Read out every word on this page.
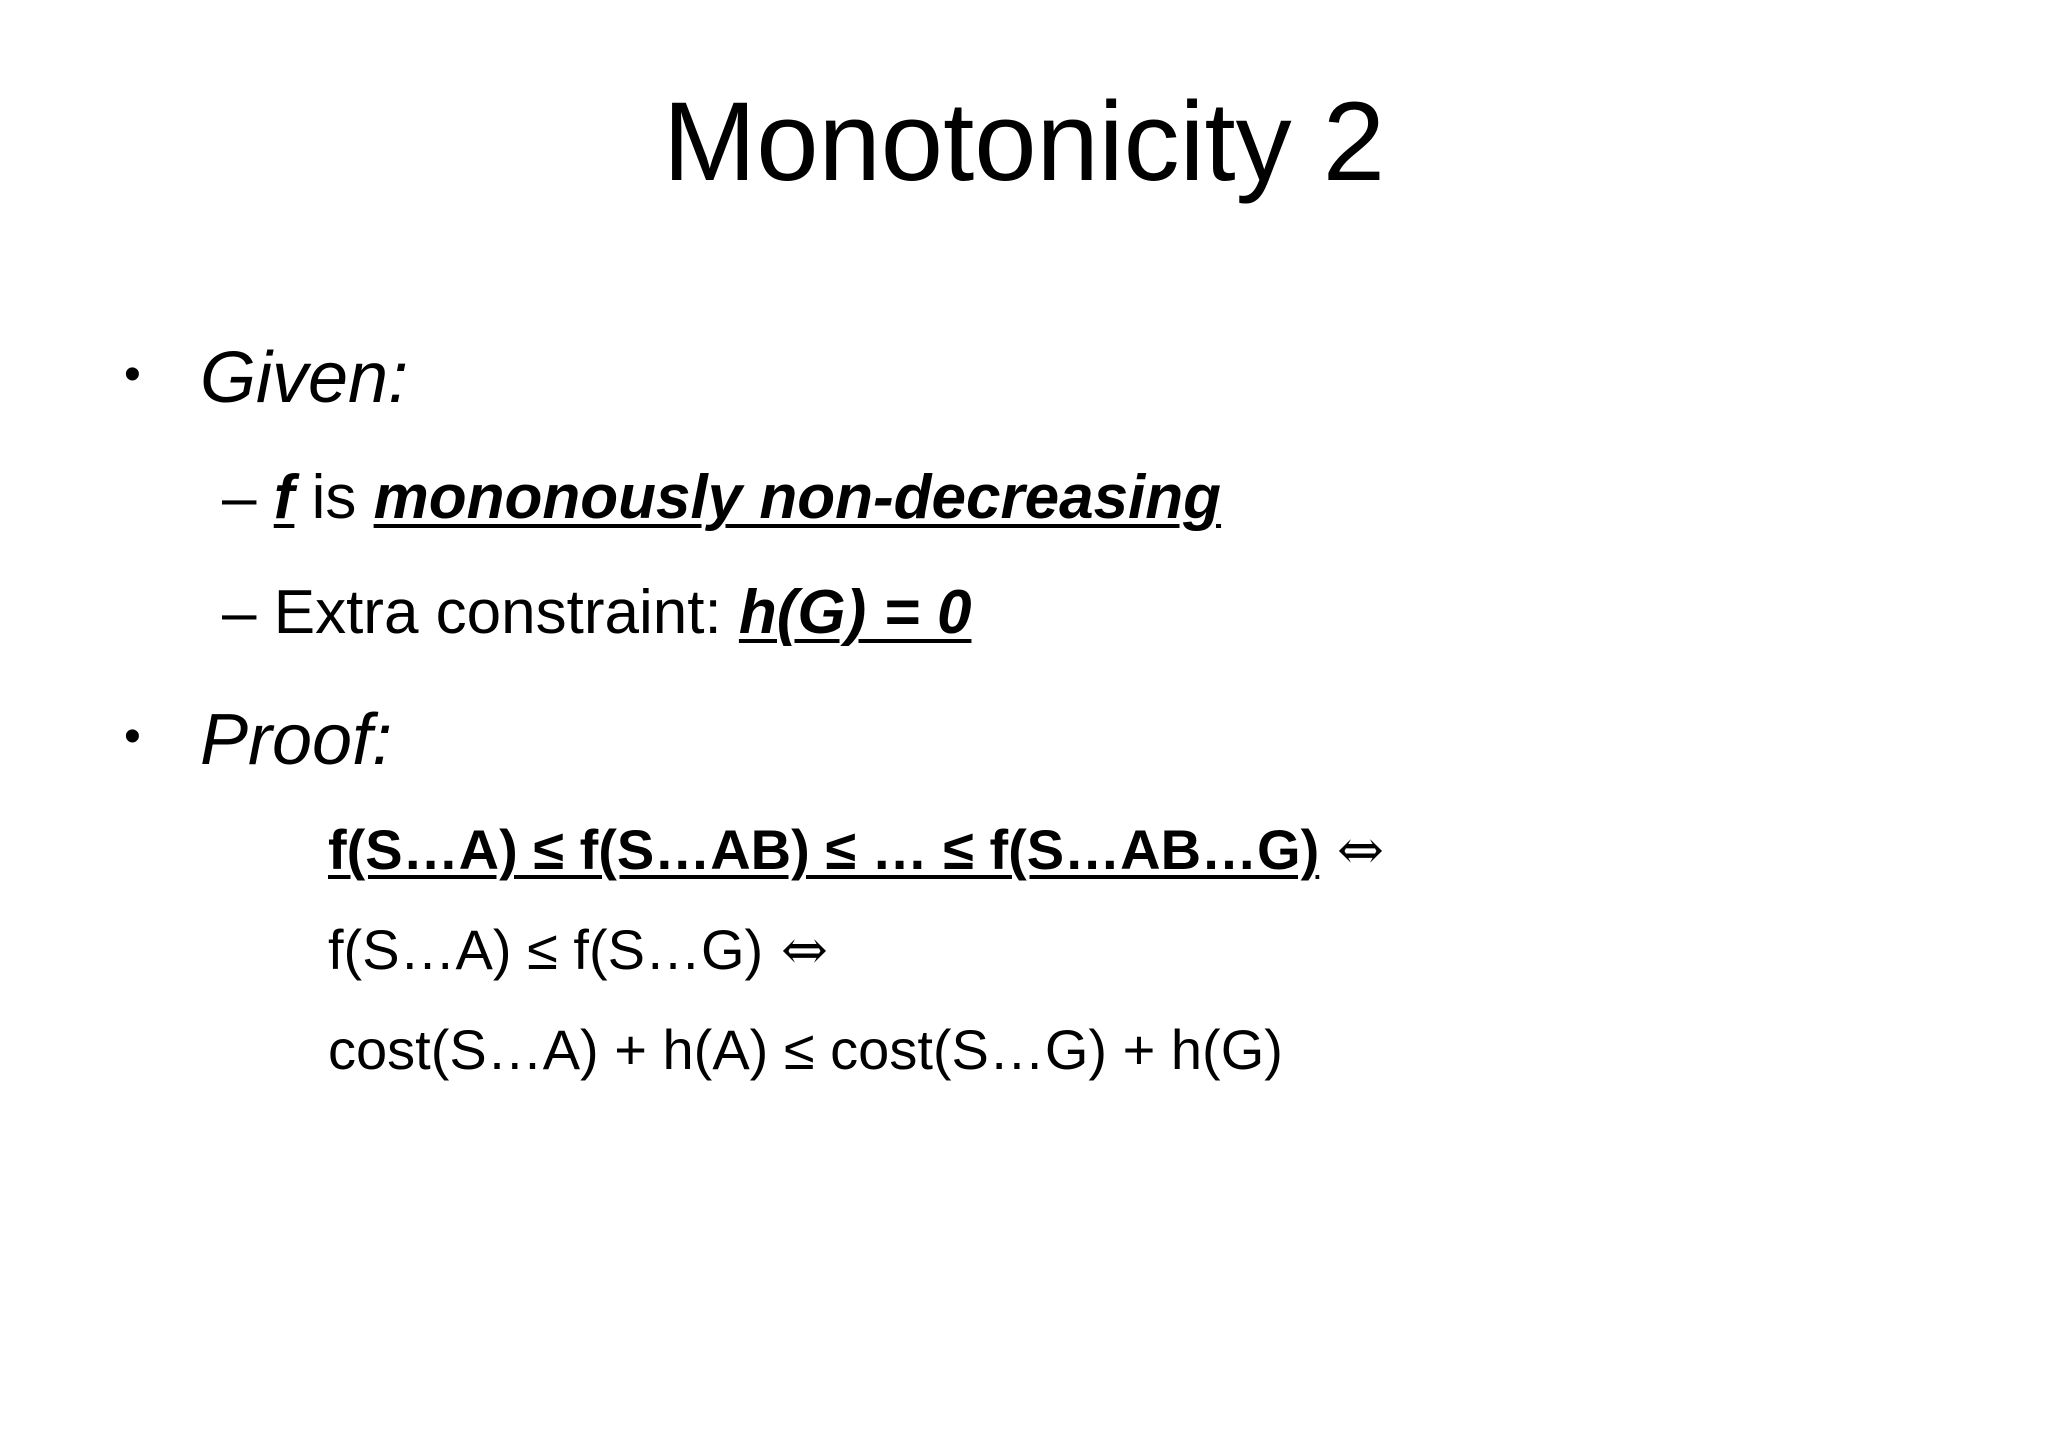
Monotonicity 2
• Given:
– f is mononously non-decreasing
– Extra constraint: h(G) = 0
• Proof:
f(S…A) ≤ f(S…AB) ≤ … ≤ f(S…AB…G) ⇔
f(S…A) ≤ f(S…G) ⇔
cost(S…A) + h(A) ≤ cost(S…G) + h(G)
